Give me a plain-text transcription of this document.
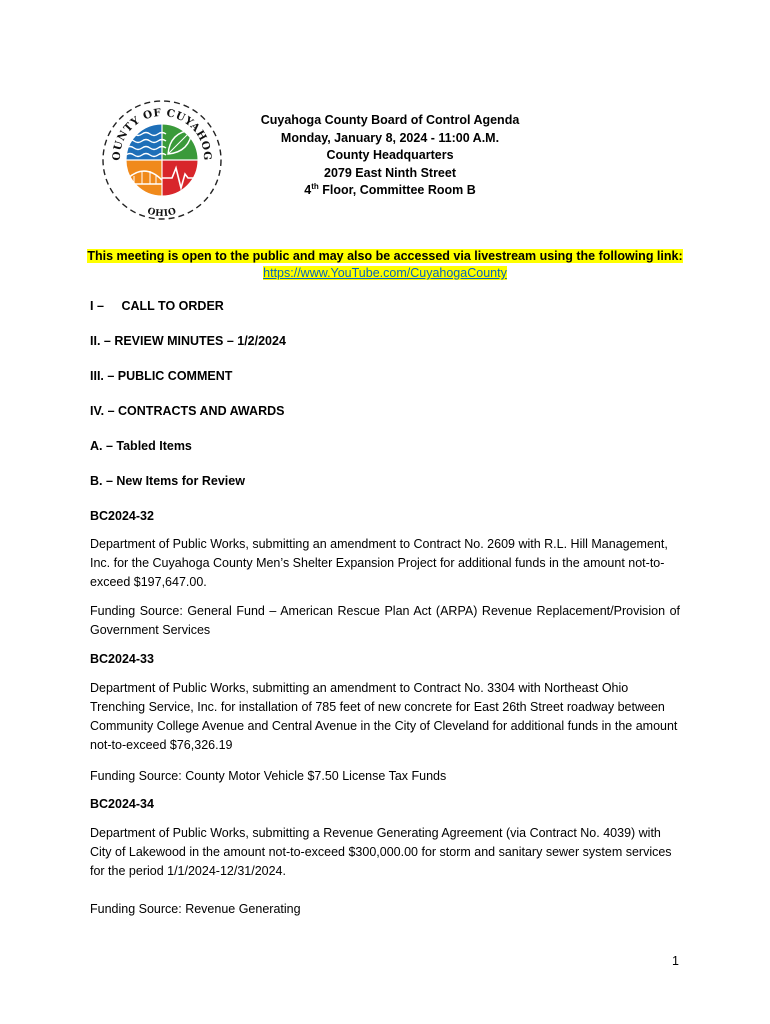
OUNTY OF CUYAHOG
OHIO
Cuyahoga County Board of Control Agenda
Monday, January 8, 2024 - 11:00 A.M.
County Headquarters
2079 East Ninth Street
4th Floor, Committee Room B
This meeting is open to the public and may also be accessed via livestream using the following link:
https://www.YouTube.com/CuyahogaCounty
I – CALL TO ORDER
II. – REVIEW MINUTES – 1/2/2024
III. – PUBLIC COMMENT
IV. – CONTRACTS AND AWARDS
A. – Tabled Items
B. – New Items for Review
BC2024-32
Department of Public Works, submitting an amendment to Contract No. 2609 with R.L. Hill Management, Inc. for the Cuyahoga County Men’s Shelter Expansion Project for additional funds in the amount not-to-exceed $197,647.00.
Funding Source: General Fund – American Rescue Plan Act (ARPA) Revenue Replacement/Provision of Government Services
BC2024-33
Department of Public Works, submitting an amendment to Contract No. 3304 with Northeast Ohio Trenching Service, Inc. for installation of 785 feet of new concrete for East 26th Street roadway between Community College Avenue and Central Avenue in the City of Cleveland for additional funds in the amount not-to-exceed $76,326.19
Funding Source: County Motor Vehicle $7.50 License Tax Funds
BC2024-34
Department of Public Works, submitting a Revenue Generating Agreement (via Contract No. 4039) with City of Lakewood in the amount not-to-exceed $300,000.00 for storm and sanitary sewer system services for the period 1/1/2024-12/31/2024.
Funding Source: Revenue Generating
1
